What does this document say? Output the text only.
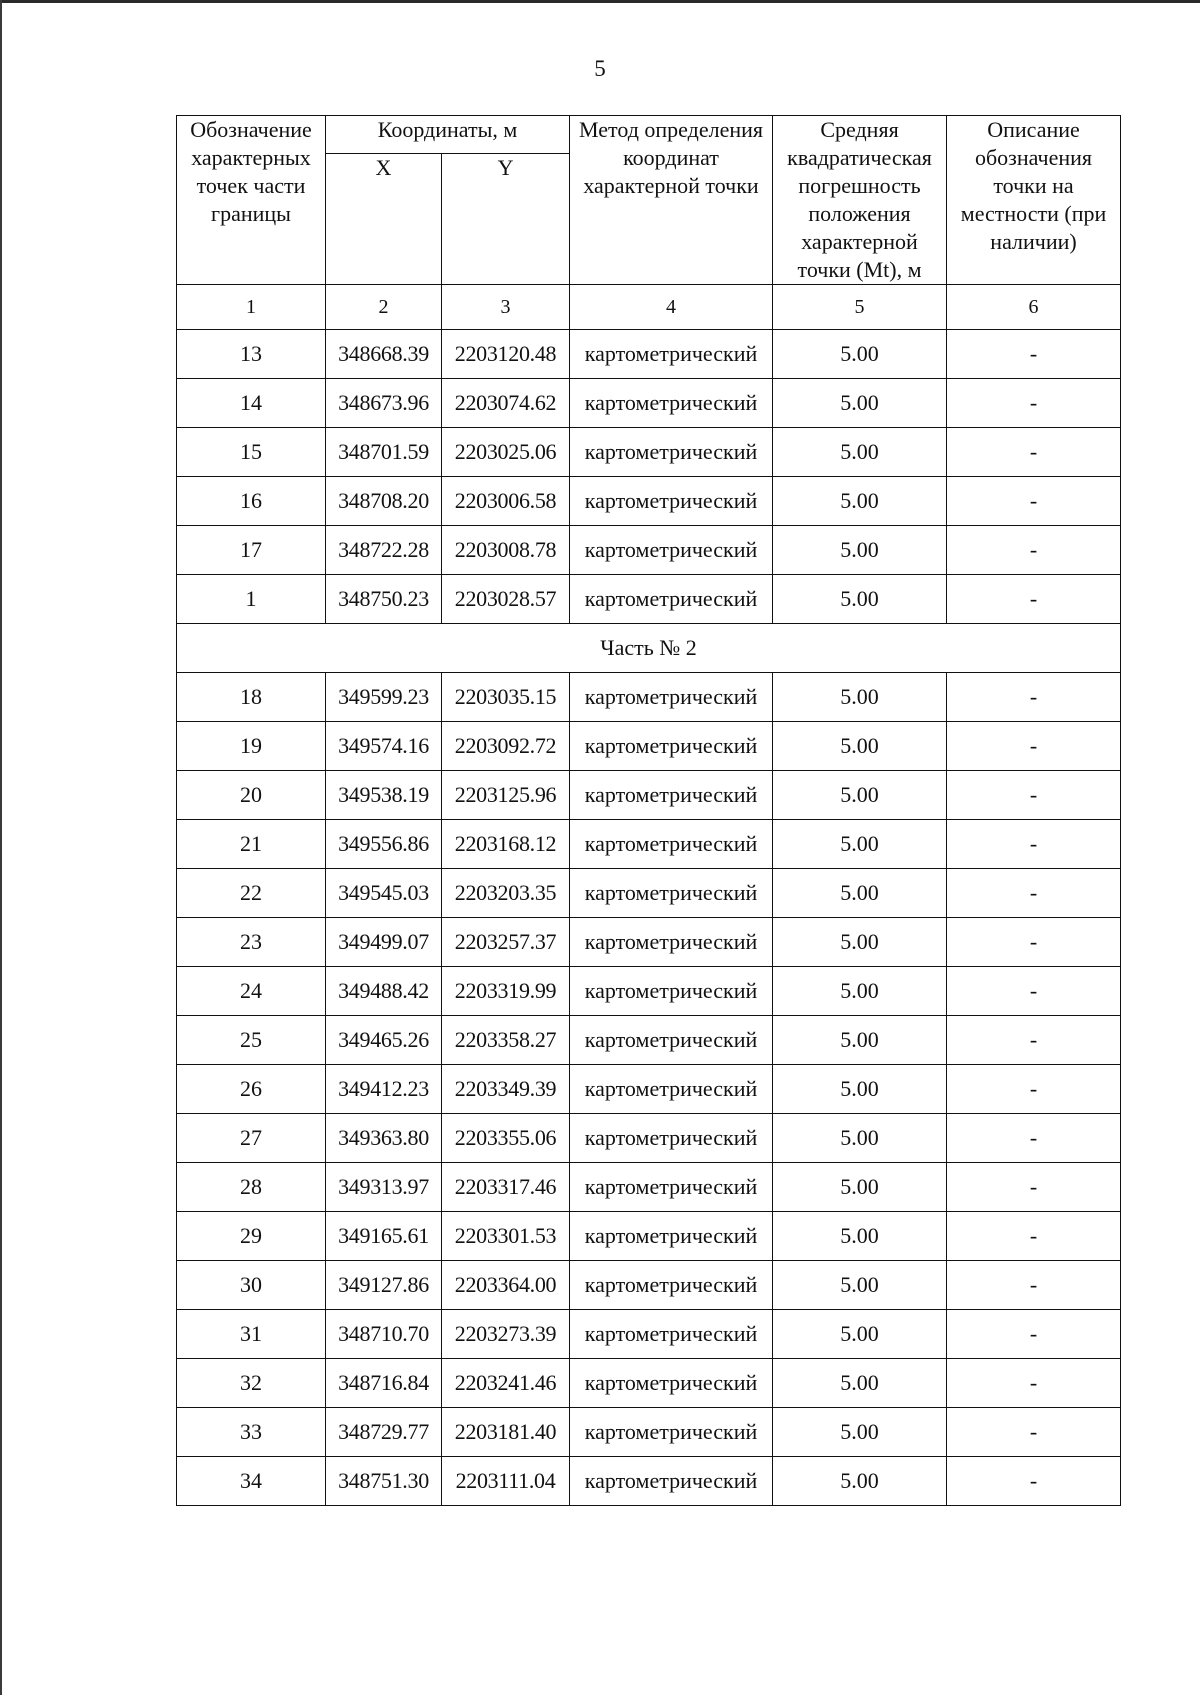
5
Обозначение характерных точек части границы	Координаты, м		Метод определения координат характерной точки	Средняя квадратическая погрешность положения характерной точки (Mt), м	Описание обозначения точки на местности (при наличии)
	X	Y			
1	2	3	4	5	6
13	348668.39	2203120.48	картометрический	5.00	-
14	348673.96	2203074.62	картометрический	5.00	-
15	348701.59	2203025.06	картометрический	5.00	-
16	348708.20	2203006.58	картометрический	5.00	-
17	348722.28	2203008.78	картометрический	5.00	-
1	348750.23	2203028.57	картометрический	5.00	-
Часть № 2					
18	349599.23	2203035.15	картометрический	5.00	-
19	349574.16	2203092.72	картометрический	5.00	-
20	349538.19	2203125.96	картометрический	5.00	-
21	349556.86	2203168.12	картометрический	5.00	-
22	349545.03	2203203.35	картометрический	5.00	-
23	349499.07	2203257.37	картометрический	5.00	-
24	349488.42	2203319.99	картометрический	5.00	-
25	349465.26	2203358.27	картометрический	5.00	-
26	349412.23	2203349.39	картометрический	5.00	-
27	349363.80	2203355.06	картометрический	5.00	-
28	349313.97	2203317.46	картометрический	5.00	-
29	349165.61	2203301.53	картометрический	5.00	-
30	349127.86	2203364.00	картометрический	5.00	-
31	348710.70	2203273.39	картометрический	5.00	-
32	348716.84	2203241.46	картометрический	5.00	-
33	348729.77	2203181.40	картометрический	5.00	-
34	348751.30	2203111.04	картометрический	5.00	-
